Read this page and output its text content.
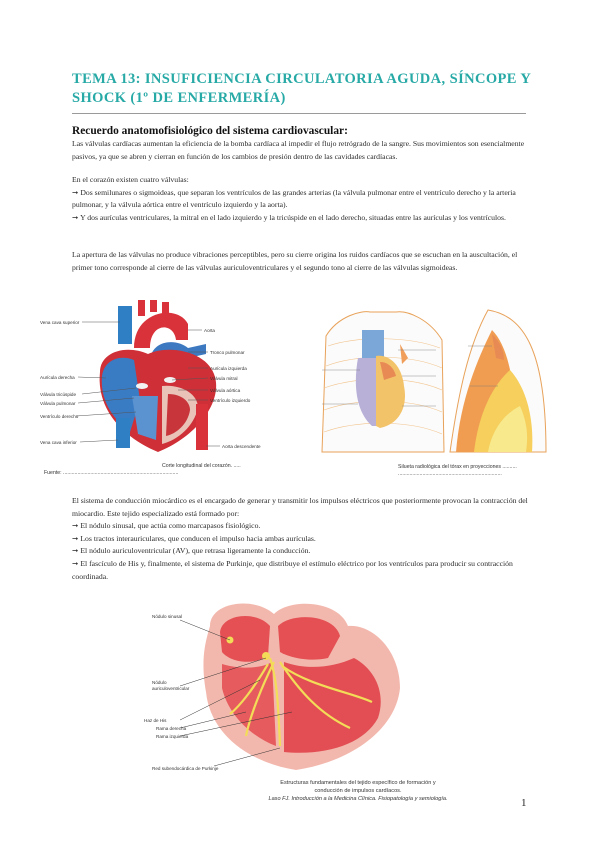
TEMA 13: INSUFICIENCIA CIRCULATORIA AGUDA, SÍNCOPE Y SHOCK (1º DE ENFERMERÍA)
Recuerdo anatomofisiológico del sistema cardiovascular:

Las válvulas cardíacas aumentan la eficiencia de la bomba cardíaca al impedir el flujo retrógrado de la sangre. Sus movimientos son esencialmente pasivos, ya que se abren y cierran en función de los cambios de presión dentro de las cavidades cardíacas.

En el corazón existen cuatro válvulas:

➞ Dos semilunares o sigmoideas, que separan los ventrículos de las grandes arterias (la válvula pulmonar entre el ventrículo derecho y la arteria pulmonar, y la válvula aórtica entre el ventrículo izquierdo y la aorta).

➞ Y dos aurículas ventriculares, la mitral en el lado izquierdo y la tricúspide en el lado derecho, situadas entre las aurículas y los ventrículos.

La apertura de las válvulas no produce vibraciones perceptibles, pero su cierre origina los ruidos cardíacos que se escuchan en la auscultación, el primer tono corresponde al cierre de las válvulas auriculoventriculares y el segundo tono al cierre de las válvulas sigmoideas.

Vena cava superior
Aurícula derecha
Válvula tricúspide
Válvula pulmonar
Ventrículo derecho
Vena cava inferior
Aorta
Tronco pulmonar
Aurícula izquierda
Válvula mitral
Válvula aórtica
Ventrículo izquierdo
Aorta descendente
Corte longitudinal del corazón. .....
Fuente: ................................................................................
Silueta radiológica del tórax en proyecciones ..........
........................................................................

El sistema de conducción miocárdico es el encargado de generar y transmitir los impulsos eléctricos que posteriormente provocan la contracción del miocardio. Este tejido especializado está formado por:

➞ El nódulo sinusal, que actúa como marcapasos fisiológico.

➞ Los tractos interauriculares, que conducen el impulso hacia ambas aurículas.

➞ El nódulo auriculoventricular (AV), que retrasa ligeramente la conducción.

➞ El fascículo de His y, finalmente, el sistema de Purkinje, que distribuye el estímulo eléctrico por los ventrículos para producir su contracción coordinada.

Nódulo sinusal
Nódulo
auriculoventricular
Haz de His
Rama derecha
Rama izquierda
Red subendocárdica de Purkinje
Estructuras fundamentales del tejido específico de formación y
conducción de impulsos cardíacos.
Laso FJ. Introducción a la Medicina Clínica. Fisiopatología y semiología.	1
